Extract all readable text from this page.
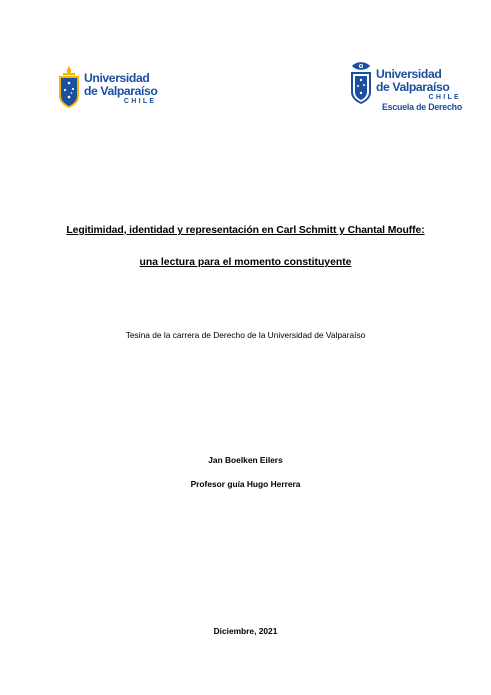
Universidad
de Valparaíso
CHILE
Universidad
de Valparaíso
CHILE
Escuela de Derecho
Legitimidad, identidad y representación en Carl Schmitt y Chantal Mouffe:
una lectura para el momento constituyente
Tesina de la carrera de Derecho de la Universidad de Valparaíso
Jan Boelken Eilers
Profesor guía Hugo Herrera
Diciembre, 2021
